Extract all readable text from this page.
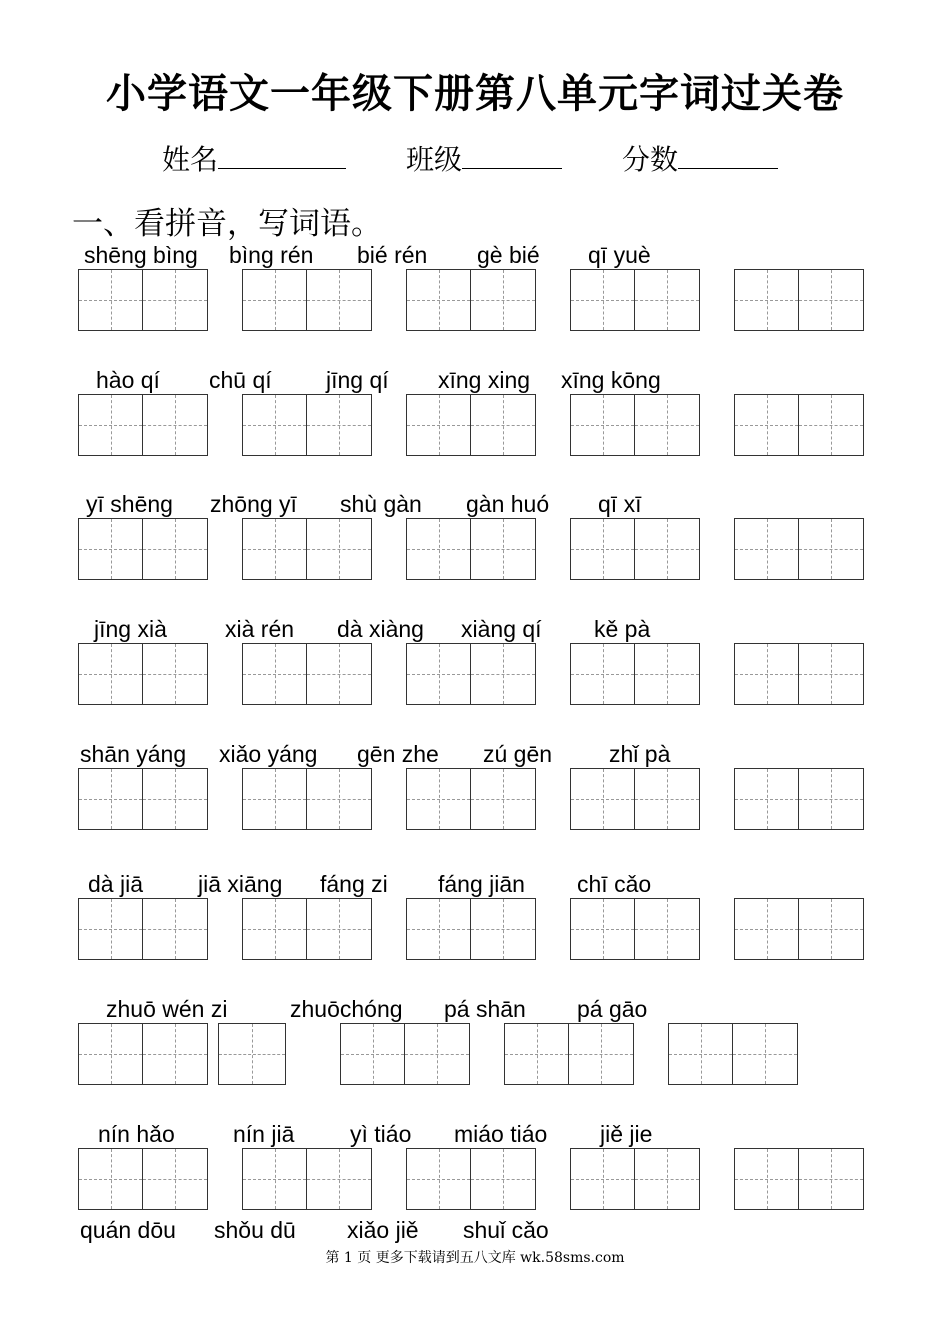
小学语文一年级下册第八单元字词过关卷
姓名	班级	分数
一、看拼音，写词语。
shēng bìng bìng rén bié rén gè bié qī yuè
hào qí chū qí jīng qí xīng xing xīng kōng
yī shēng zhōng yī shù gàn gàn huó qī xī
jīng xià	xià rén dà xiàng xiàng qí kě pà
shān yáng xiǎo yáng gēn zhe zú gēn zhǐ pà
dà jiā jiā xiāng fáng zi fáng jiān chī cǎo
zhuō wén zi	zhuōchóng pá shān pá gāo
nín hǎo	nín jiā yì tiáo miáo tiáo jiě jie
quán dōu shǒu dū xiǎo jiě shuǐ cǎo
第 1 页 更多下载请到五八文库 wk.58sms.com
